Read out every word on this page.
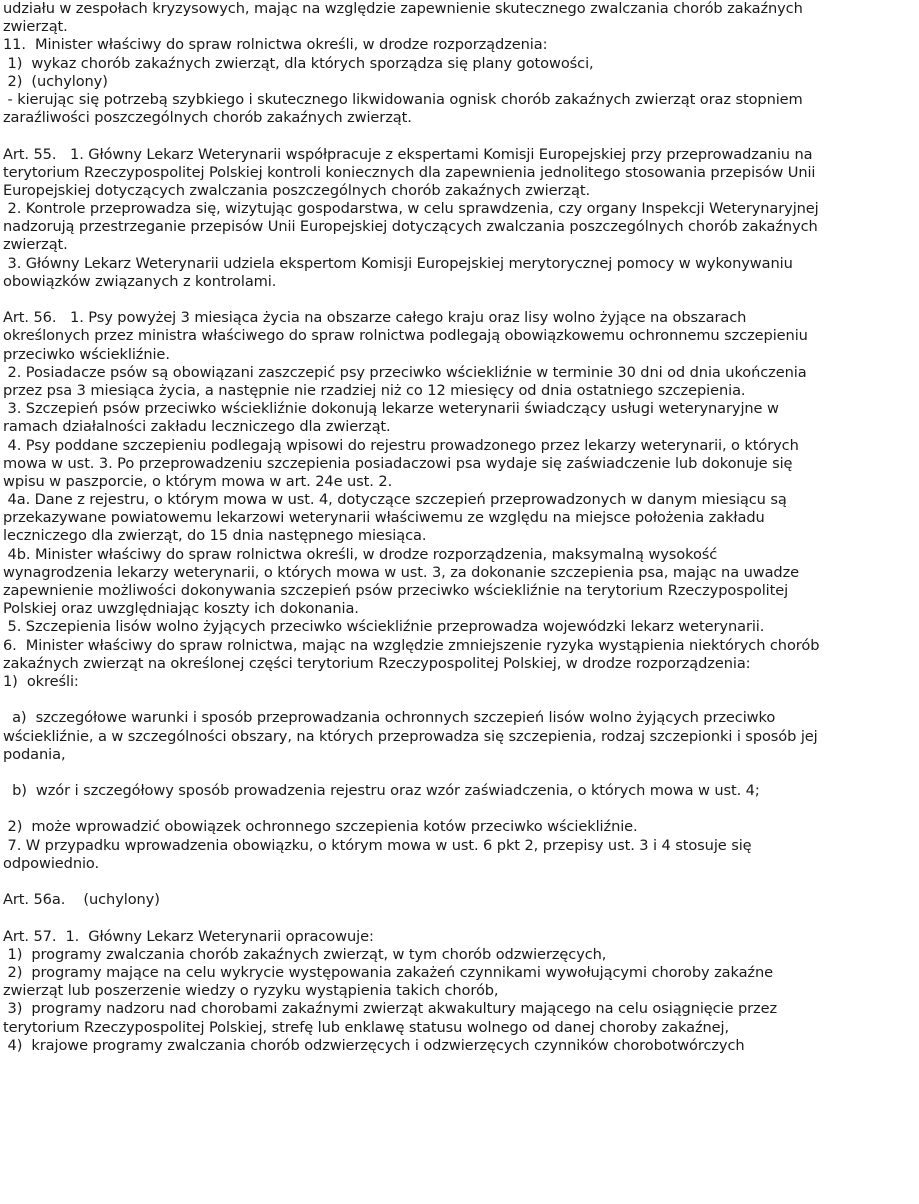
udziału w zespołach kryzysowych, mając na względzie zapewnienie skutecznego zwalczania chorób zakaźnych
zwierząt.
11.  Minister właściwy do spraw rolnictwa określi, w drodze rozporządzenia:
1)  wykaz chorób zakaźnych zwierząt, dla których sporządza się plany gotowości,
2)  (uchylony)
- kierując się potrzebą szybkiego i skutecznego likwidowania ognisk chorób zakaźnych zwierząt oraz stopniem
zaraźliwości poszczególnych chorób zakaźnych zwierząt.
Art. 55.   1. Główny Lekarz Weterynarii współpracuje z ekspertami Komisji Europejskiej przy przeprowadzaniu na
terytorium Rzeczypospolitej Polskiej kontroli koniecznych dla zapewnienia jednolitego stosowania przepisów Unii
Europejskiej dotyczących zwalczania poszczególnych chorób zakaźnych zwierząt.
2. Kontrole przeprowadza się, wizytując gospodarstwa, w celu sprawdzenia, czy organy Inspekcji Weterynaryjnej
nadzorują przestrzeganie przepisów Unii Europejskiej dotyczących zwalczania poszczególnych chorób zakaźnych
zwierząt.
3. Główny Lekarz Weterynarii udziela ekspertom Komisji Europejskiej merytorycznej pomocy w wykonywaniu
obowiązków związanych z kontrolami.
Art. 56.   1. Psy powyżej 3 miesiąca życia na obszarze całego kraju oraz lisy wolno żyjące na obszarach
określonych przez ministra właściwego do spraw rolnictwa podlegają obowiązkowemu ochronnemu szczepieniu
przeciwko wściekliźnie.
2. Posiadacze psów są obowiązani zaszczepić psy przeciwko wściekliźnie w terminie 30 dni od dnia ukończenia
przez psa 3 miesiąca życia, a następnie nie rzadziej niż co 12 miesięcy od dnia ostatniego szczepienia.
3. Szczepień psów przeciwko wściekliźnie dokonują lekarze weterynarii świadczący usługi weterynaryjne w
ramach działalności zakładu leczniczego dla zwierząt.
4. Psy poddane szczepieniu podlegają wpisowi do rejestru prowadzonego przez lekarzy weterynarii, o których
mowa w ust. 3. Po przeprowadzeniu szczepienia posiadaczowi psa wydaje się zaświadczenie lub dokonuje się
wpisu w paszporcie, o którym mowa w art. 24e ust. 2.
4a. Dane z rejestru, o którym mowa w ust. 4, dotyczące szczepień przeprowadzonych w danym miesiącu są
przekazywane powiatowemu lekarzowi weterynarii właściwemu ze względu na miejsce położenia zakładu
leczniczego dla zwierząt, do 15 dnia następnego miesiąca.
4b. Minister właściwy do spraw rolnictwa określi, w drodze rozporządzenia, maksymalną wysokość
wynagrodzenia lekarzy weterynarii, o których mowa w ust. 3, za dokonanie szczepienia psa, mając na uwadze
zapewnienie możliwości dokonywania szczepień psów przeciwko wściekliźnie na terytorium Rzeczypospolitej
Polskiej oraz uwzględniając koszty ich dokonania.
5. Szczepienia lisów wolno żyjących przeciwko wściekliźnie przeprowadza wojewódzki lekarz weterynarii.
6.  Minister właściwy do spraw rolnictwa, mając na względzie zmniejszenie ryzyka wystąpienia niektórych chorób
zakaźnych zwierząt na określonej części terytorium Rzeczypospolitej Polskiej, w drodze rozporządzenia:
1)  określi:
a)  szczegółowe warunki i sposób przeprowadzania ochronnych szczepień lisów wolno żyjących przeciwko
wściekliźnie, a w szczególności obszary, na których przeprowadza się szczepienia, rodzaj szczepionki i sposób jej
podania,
b)  wzór i szczegółowy sposób prowadzenia rejestru oraz wzór zaświadczenia, o których mowa w ust. 4;
2)  może wprowadzić obowiązek ochronnego szczepienia kotów przeciwko wściekliźnie.
7. W przypadku wprowadzenia obowiązku, o którym mowa w ust. 6 pkt 2, przepisy ust. 3 i 4 stosuje się
odpowiednio.
Art. 56a.    (uchylony)
Art. 57.  1.  Główny Lekarz Weterynarii opracowuje:
1)  programy zwalczania chorób zakaźnych zwierząt, w tym chorób odzwierzęcych,
2)  programy mające na celu wykrycie występowania zakażeń czynnikami wywołującymi choroby zakaźne
zwierząt lub poszerzenie wiedzy o ryzyku wystąpienia takich chorób,
3)  programy nadzoru nad chorobami zakaźnymi zwierząt akwakultury mającego na celu osiągnięcie przez
terytorium Rzeczypospolitej Polskiej, strefę lub enklawę statusu wolnego od danej choroby zakaźnej,
4)  krajowe programy zwalczania chorób odzwierzęcych i odzwierzęcych czynników chorobotwórczych
